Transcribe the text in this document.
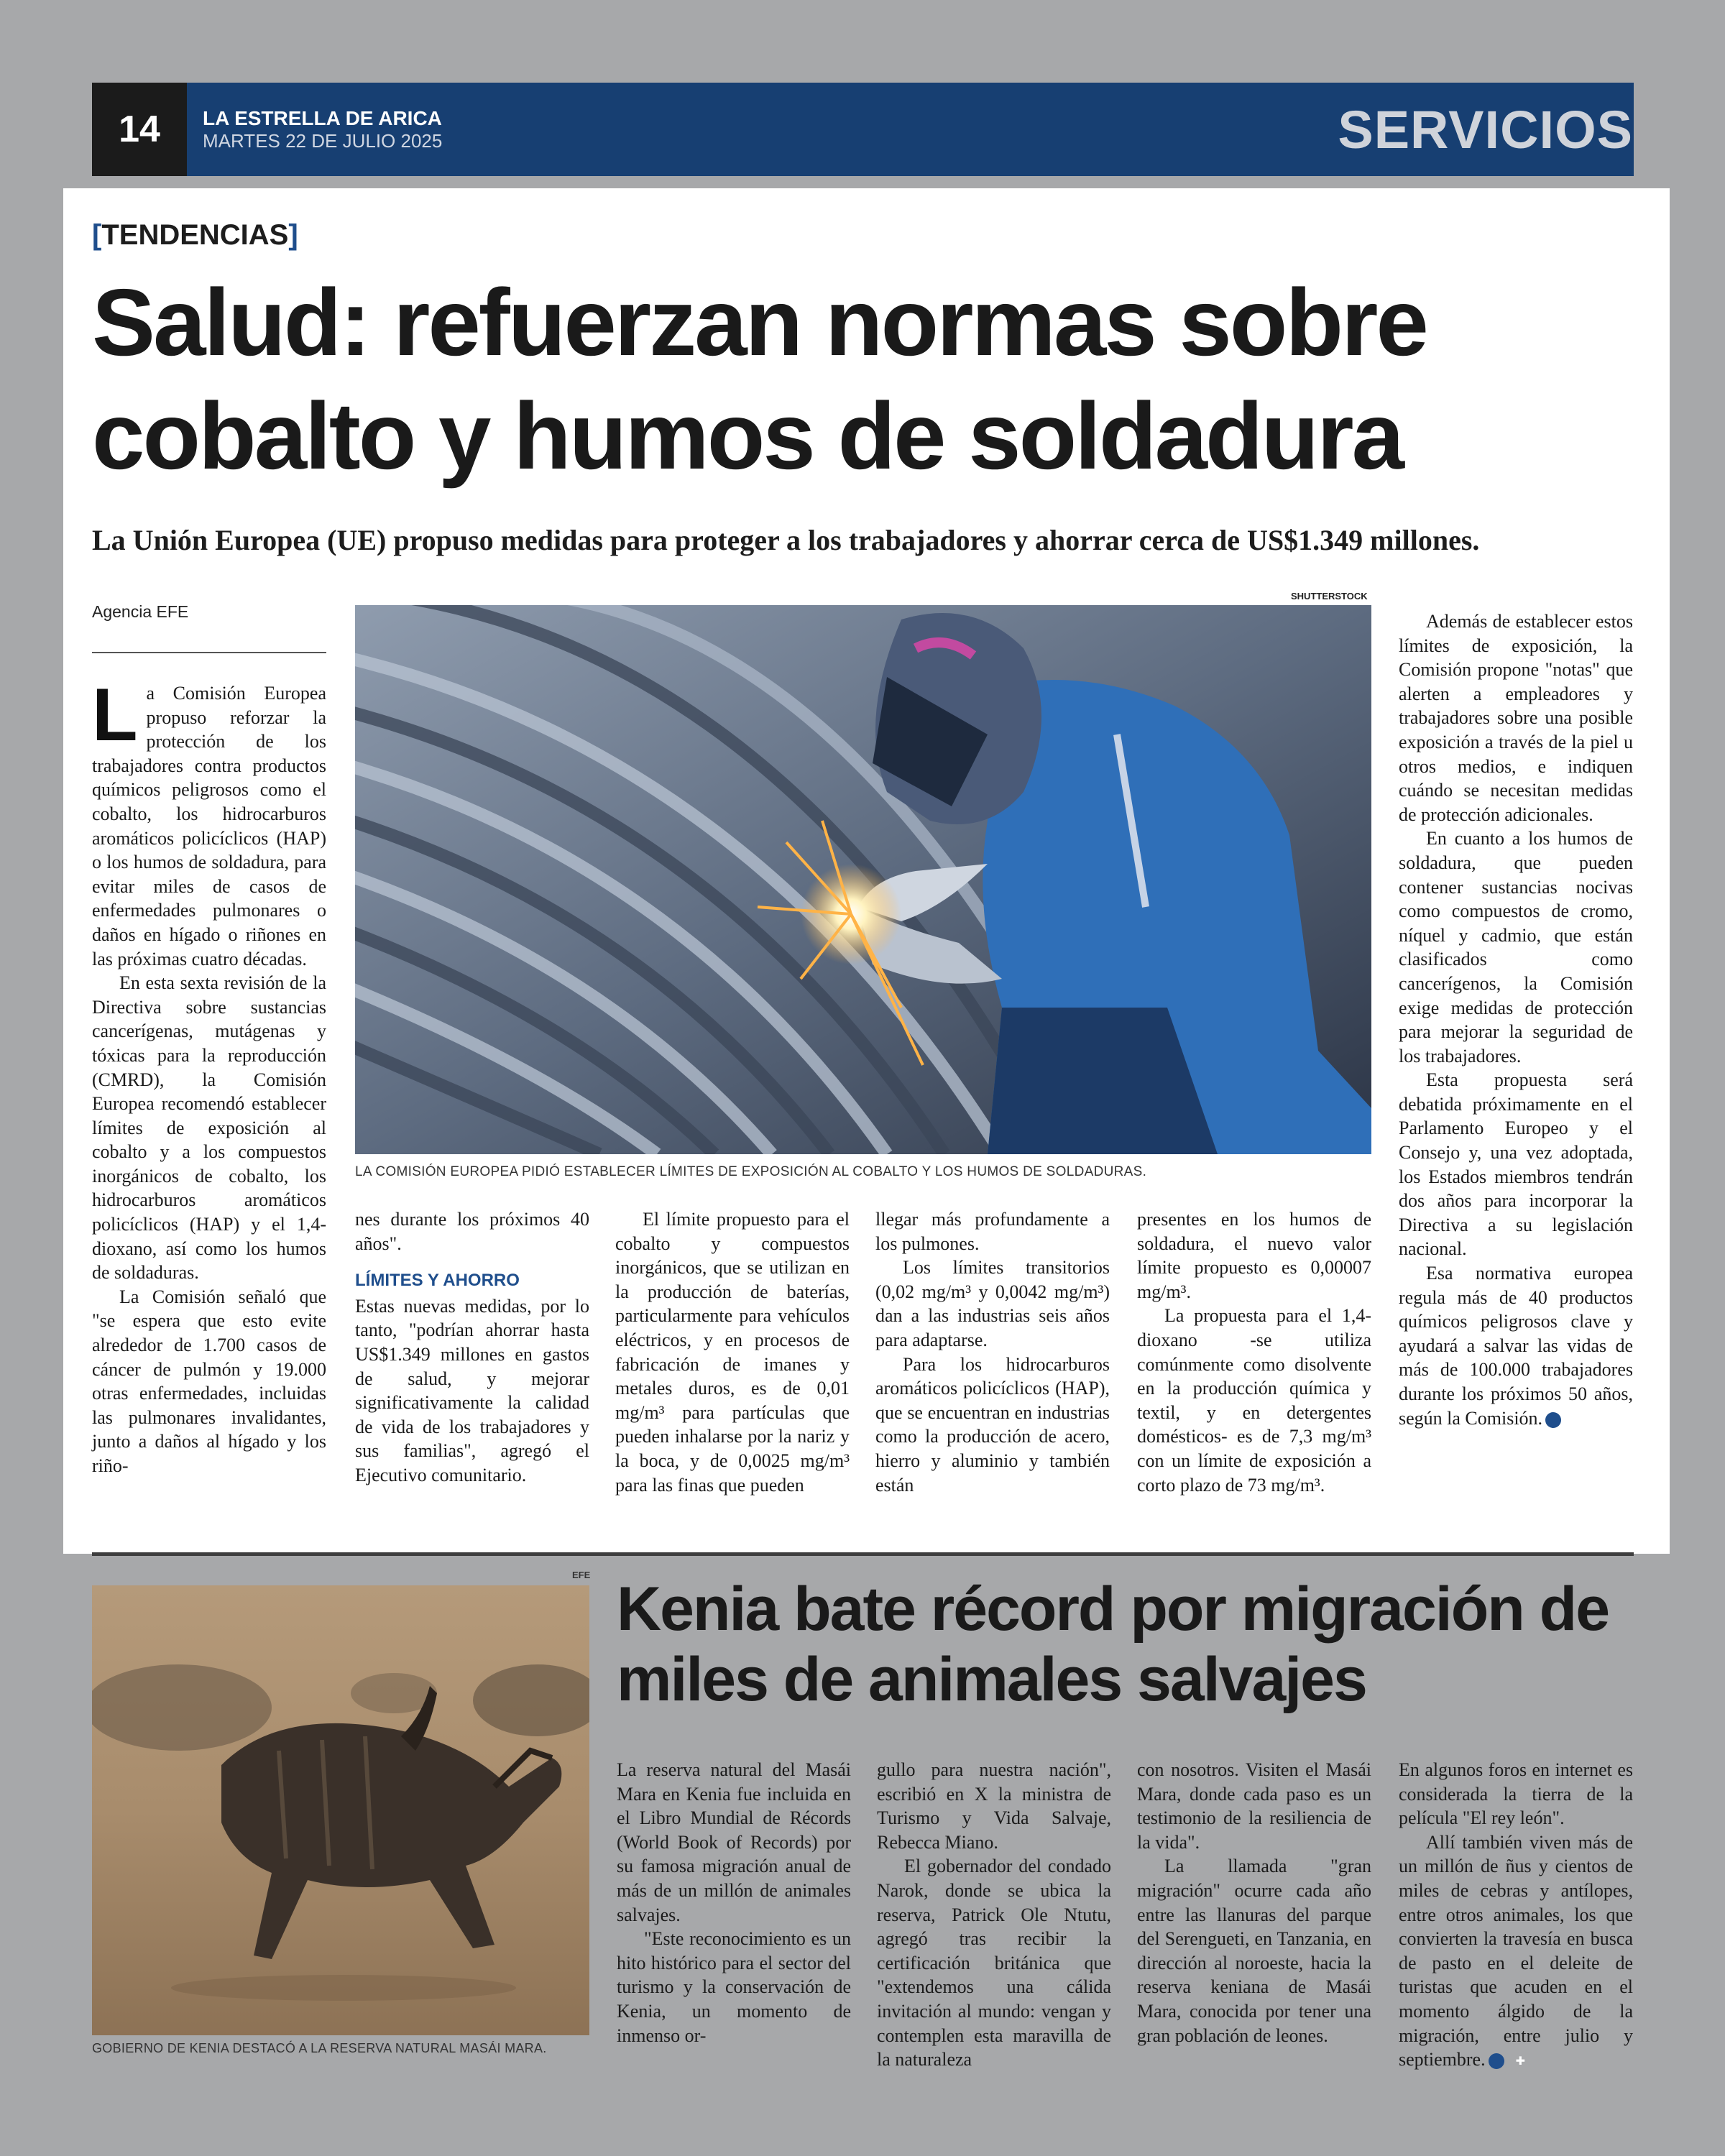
14	LA ESTRELLA DE ARICA
MARTES 22 DE JULIO 2025	SERVICIOS
[TENDENCIAS]
Salud: refuerzan normas sobre cobalto y humos de soldadura
La Unión Europea (UE) propuso medidas para proteger a los trabajadores y ahorrar cerca de US$1.349 millones.
Agencia EFE
SHUTTERSTOCK
LA COMISIÓN EUROPEA PIDIÓ ESTABLECER LÍMITES DE EXPOSICIÓN AL COBALTO Y LOS HUMOS DE SOLDADURAS.

La Comisión Europea propuso reforzar la protección de los trabajadores contra productos químicos peligrosos como el cobalto, los hidrocarburos aromáticos policíclicos (HAP) o los humos de soldadura, para evitar miles de casos de enfermedades pulmonares o daños en hígado o riñones en las próximas cuatro décadas.

En esta sexta revisión de la Directiva sobre sustancias cancerígenas, mutágenas y tóxicas para la reproducción (CMRD), la Comisión Europea recomendó establecer límites de exposición al cobalto y a los compuestos inorgánicos de cobalto, los hidrocarburos aromáticos policíclicos (HAP) y el 1,4-dioxano, así como los humos de soldaduras.

La Comisión señaló que "se espera que esto evite alrededor de 1.700 casos de cáncer de pulmón y 19.000 otras enfermedades, incluidas las pulmonares invalidantes, junto a daños al hígado y los riño-

nes durante los próximos 40 años".

LÍMITES Y AHORRO

Estas nuevas medidas, por lo tanto, "podrían ahorrar hasta US$1.349 millones en gastos de salud, y mejorar significativamente la calidad de vida de los trabajadores y sus familias", agregó el Ejecutivo comunitario.

El límite propuesto para el cobalto y compuestos inorgánicos, que se utilizan en la producción de baterías, particularmente para vehículos eléctricos, y en procesos de fabricación de imanes y metales duros, es de 0,01 mg/m³ para partículas que pueden inhalarse por la nariz y la boca, y de 0,0025 mg/m³ para las finas que pueden

llegar más profundamente a los pulmones.

Los límites transitorios (0,02 mg/m³ y 0,0042 mg/m³) dan a las industrias seis años para adaptarse.

Para los hidrocarburos aromáticos policíclicos (HAP), que se encuentran en industrias como la producción de acero, hierro y aluminio y también están

presentes en los humos de soldadura, el nuevo valor límite propuesto es 0,00007 mg/m³.

La propuesta para el 1,4-dioxano -se utiliza comúnmente como disolvente en la producción química y textil, y en detergentes domésticos- es de 7,3 mg/m³ con un límite de exposición a corto plazo de 73 mg/m³.

Además de establecer estos límites de exposición, la Comisión propone "notas" que alerten a empleadores y trabajadores sobre una posible exposición a través de la piel u otros medios, e indiquen cuándo se necesitan medidas de protección adicionales.

En cuanto a los humos de soldadura, que pueden contener sustancias nocivas como compuestos de cromo, níquel y cadmio, que están clasificados como cancerígenos, la Comisión exige medidas de protección para mejorar la seguridad de los trabajadores.

Esta propuesta será debatida próximamente en el Parlamento Europeo y el Consejo y, una vez adoptada, los Estados miembros tendrán dos años para incorporar la Directiva a su legislación nacional.

Esa normativa europea regula más de 40 productos químicos peligrosos clave y ayudará a salvar las vidas de más de 100.000 trabajadores durante los próximos 50 años, según la Comisión.	✚

EFE
GOBIERNO DE KENIA DESTACÓ A LA RESERVA NATURAL MASÁI MARA.
Kenia bate récord por migración de miles de animales salvajes

La reserva natural del Masái Mara en Kenia fue incluida en el Libro Mundial de Récords (World Book of Records) por su famosa migración anual de más de un millón de animales salvajes.

"Este reconocimiento es un hito histórico para el sector del turismo y la conservación de Kenia, un momento de inmenso or-

gullo para nuestra nación", escribió en X la ministra de Turismo y Vida Salvaje, Rebecca Miano.

El gobernador del condado Narok, donde se ubica la reserva, Patrick Ole Ntutu, agregó tras recibir la certificación británica que "extendemos una cálida invitación al mundo: vengan y contemplen esta maravilla de la naturaleza

con nosotros. Visiten el Masái Mara, donde cada paso es un testimonio de la resiliencia de la vida".

La llamada "gran migración" ocurre cada año entre las llanuras del parque del Serengueti, en Tanzania, en dirección al noroeste, hacia la reserva keniana de Masái Mara, conocida por tener una gran población de leones.

En algunos foros en internet es considerada la tierra de la película "El rey león".

Allí también viven más de un millón de ñus y cientos de miles de cebras y antílopes, entre otros animales, los que convierten la travesía en busca de pasto en el deleite de turistas que acuden en el momento álgido de la migración, entre julio y septiembre.	✚
